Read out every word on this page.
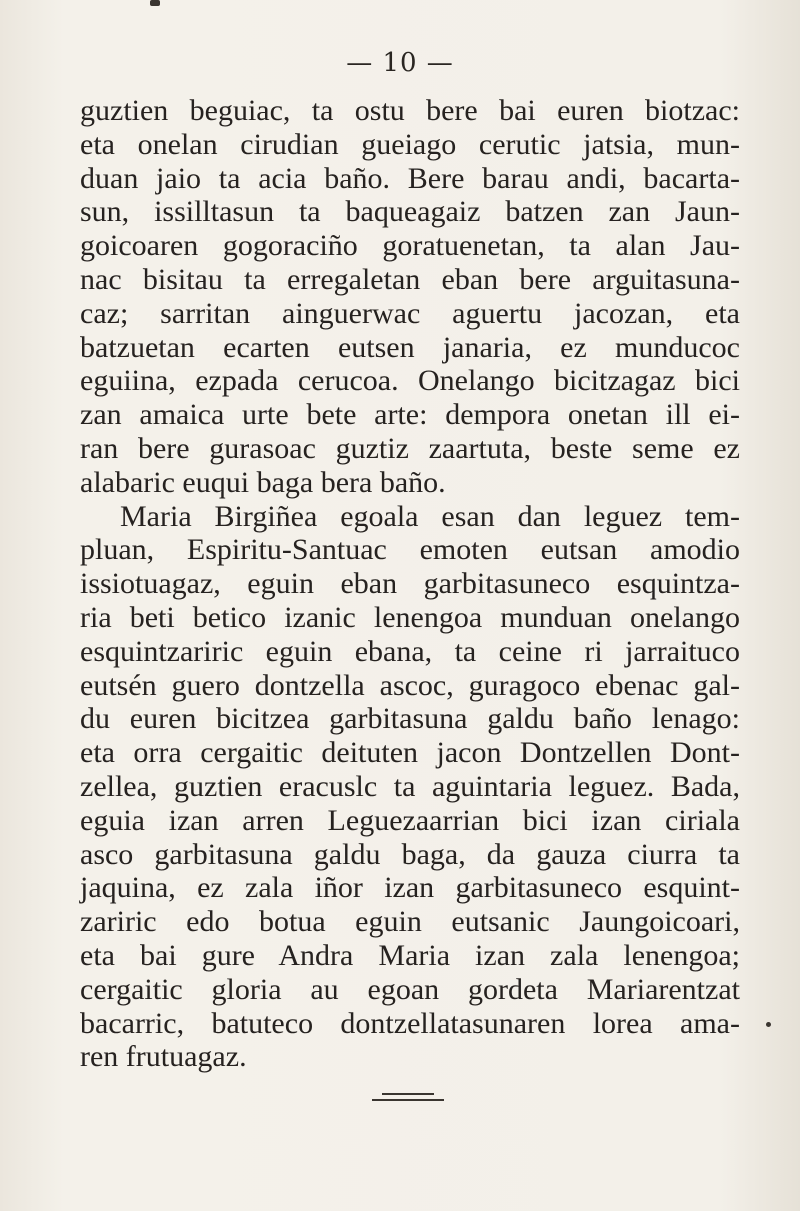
— 10 —
guztien beguiac, ta ostu bere bai euren biotzac:
eta onelan cirudian gueiago cerutic jatsia, mun-
duan jaio ta acia baño. Bere barau andi, bacarta-
sun, issilltasun ta baqueagaiz batzen zan Jaun-
goicoaren gogoraciño goratuenetan, ta alan Jau-
nac bisitau ta erregaletan eban bere arguitasuna-
caz; sarritan ainguerwac aguertu jacozan, eta
batzuetan ecarten eutsen janaria, ez munducoc
eguiina, ezpada cerucoa. Onelango bicitzagaz bici
zan amaica urte bete arte: dempora onetan ill ei-
ran bere gurasoac guztiz zaartuta, beste seme ez
alabaric euqui baga bera baño.
Maria Birgiñea egoala esan dan leguez tem-
pluan, Espiritu-Santuac emoten eutsan amodio
issiotuagaz, eguin eban garbitasuneco esquintza-
ria beti betico izanic lenengoa munduan onelango
esquintzariric eguin ebana, ta ceine ri jarraituco
eutsén guero dontzella ascoc, guragoco ebenac gal-
du euren bicitzea garbitasuna galdu baño lenago:
eta orra cergaitic deituten jacon Dontzellen Dont-
zellea, guztien eracuslc ta aguintaria leguez. Bada,
eguia izan arren Leguezaarrian bici izan ciriala
asco garbitasuna galdu baga, da gauza ciurra ta
jaquina, ez zala iñor izan garbitasuneco esquint-
zariric edo botua eguin eutsanic Jaungoicoari,
eta bai gure Andra Maria izan zala lenengoa;
cergaitic gloria au egoan gordeta Mariarentzat
bacarric, batuteco dontzellatasunaren lorea ama-
ren frutuagaz.
